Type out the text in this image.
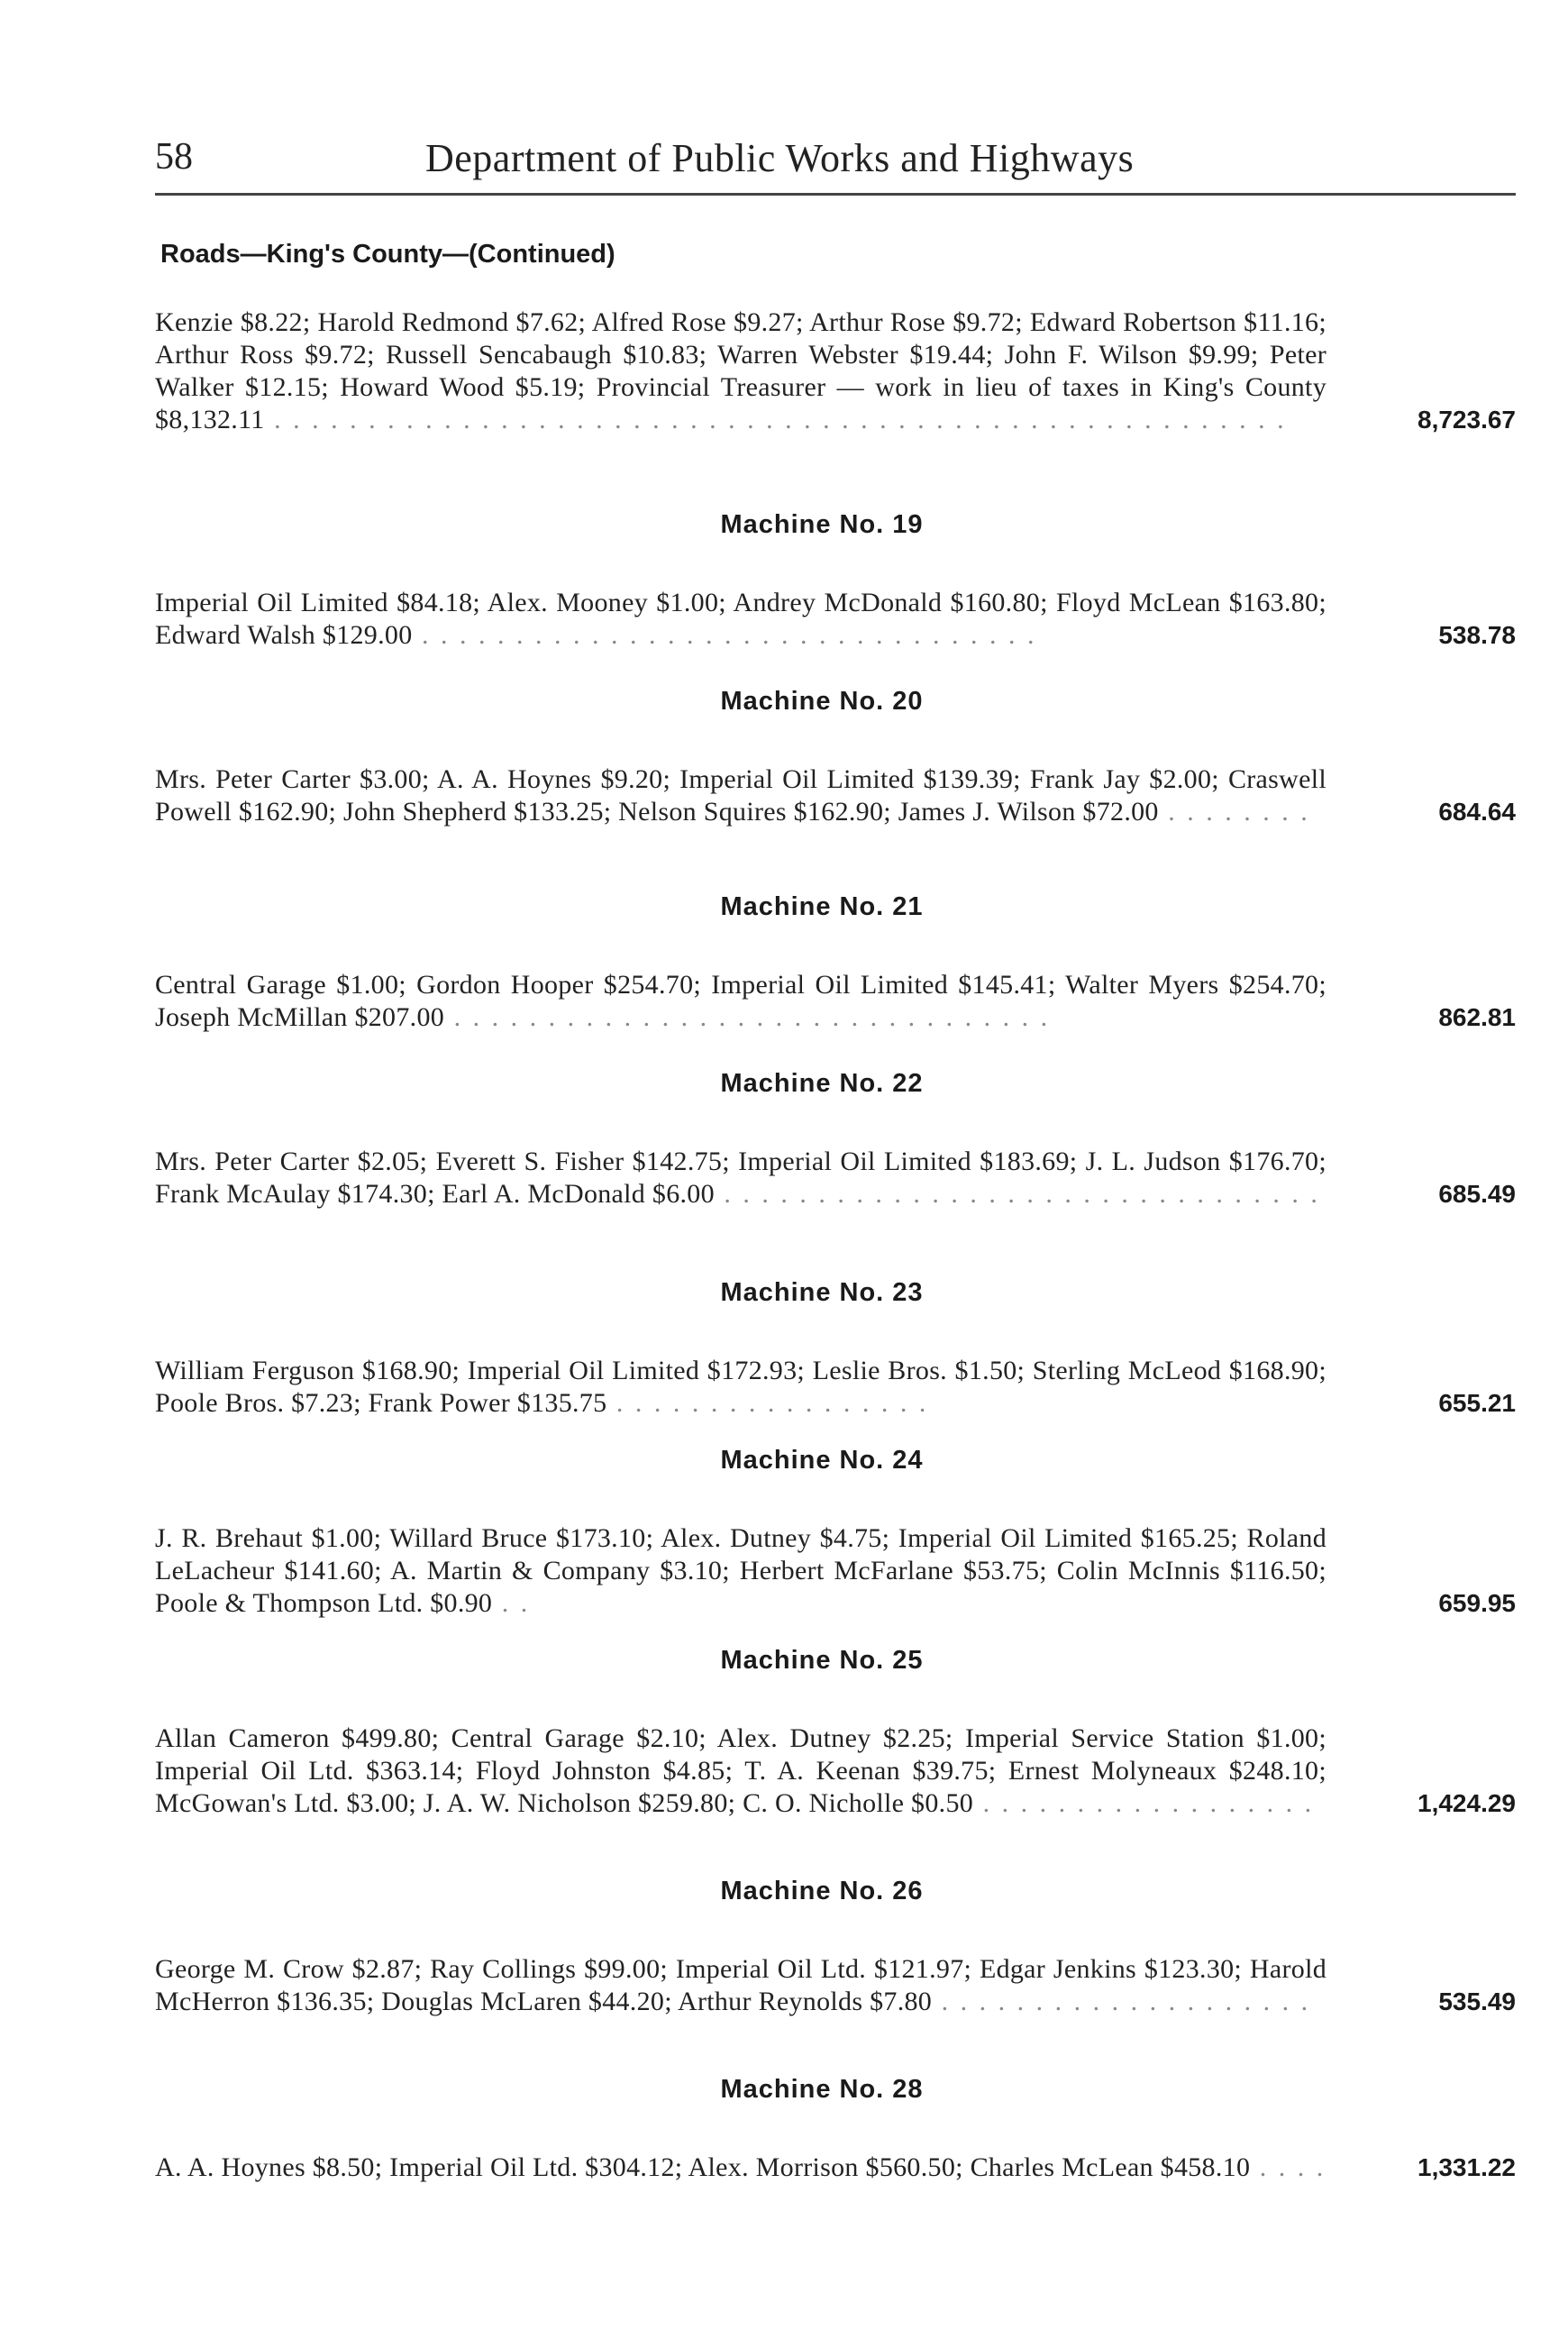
58	Department of Public Works and Highways
Roads—King's County—(Continued)
Kenzie $8.22; Harold Redmond $7.62; Alfred Rose $9.27; Arthur Rose $9.72; Edward Robertson $11.16; Arthur Ross $9.72; Russell Sencabaugh $10.83; Warren Webster $19.44; John F. Wilson $9.99; Peter Walker $12.15; Howard Wood $5.19; Provincial Treasurer — work in lieu of taxes in King's County $8,132.11 . . . . . . . . . . . . . . . . . . . . . . . . . . . . . . . . . . . . . . . . . . . . . . . . . . . . . .	8,723.67
Machine No. 19
Imperial Oil Limited $84.18; Alex. Mooney $1.00; Andrey McDonald $160.80; Floyd McLean $163.80; Edward Walsh $129.00 . . . . . . . . . . . . . . . . . . . . . . . . . . . . . . . . .	538.78
Machine No. 20
Mrs. Peter Carter $3.00; A. A. Hoynes $9.20; Imperial Oil Limited $139.39; Frank Jay $2.00; Craswell Powell $162.90; John Shepherd $133.25; Nelson Squires $162.90; James J. Wilson $72.00 . . . . . . . .	684.64
Machine No. 21
Central Garage $1.00; Gordon Hooper $254.70; Imperial Oil Limited $145.41; Walter Myers $254.70; Joseph McMillan $207.00 . . . . . . . . . . . . . . . . . . . . . . . . . . . . . . . .	862.81
Machine No. 22
Mrs. Peter Carter $2.05; Everett S. Fisher $142.75; Imperial Oil Limited $183.69; J. L. Judson $176.70; Frank McAulay $174.30; Earl A. McDonald $6.00 . . . . . . . . . . . . . . . . . . . . . . . . . . . . . . . .	685.49
Machine No. 23
William Ferguson $168.90; Imperial Oil Limited $172.93; Leslie Bros. $1.50; Sterling McLeod $168.90; Poole Bros. $7.23; Frank Power $135.75 . . . . . . . . . . . . . . . . .	655.21
Machine No. 24
J. R. Brehaut $1.00; Willard Bruce $173.10; Alex. Dutney $4.75; Imperial Oil Limited $165.25; Roland LeLacheur $141.60; A. Martin & Company $3.10; Herbert McFarlane $53.75; Colin McInnis $116.50; Poole & Thompson Ltd. $0.90 . .	659.95
Machine No. 25
Allan Cameron $499.80; Central Garage $2.10; Alex. Dutney $2.25; Imperial Service Station $1.00; Imperial Oil Ltd. $363.14; Floyd Johnston $4.85; T. A. Keenan $39.75; Ernest Molyneaux $248.10; McGowan's Ltd. $3.00; J. A. W. Nicholson $259.80; C. O. Nicholle $0.50 . . . . . . . . . . . . . . . . . .	1,424.29
Machine No. 26
George M. Crow $2.87; Ray Collings $99.00; Imperial Oil Ltd. $121.97; Edgar Jenkins $123.30; Harold McHerron $136.35; Douglas McLaren $44.20; Arthur Reynolds $7.80 . . . . . . . . . . . . . . . . . . . .	535.49
Machine No. 28
A. A. Hoynes $8.50; Imperial Oil Ltd. $304.12; Alex. Morrison $560.50; Charles McLean $458.10 . . . .	1,331.22
